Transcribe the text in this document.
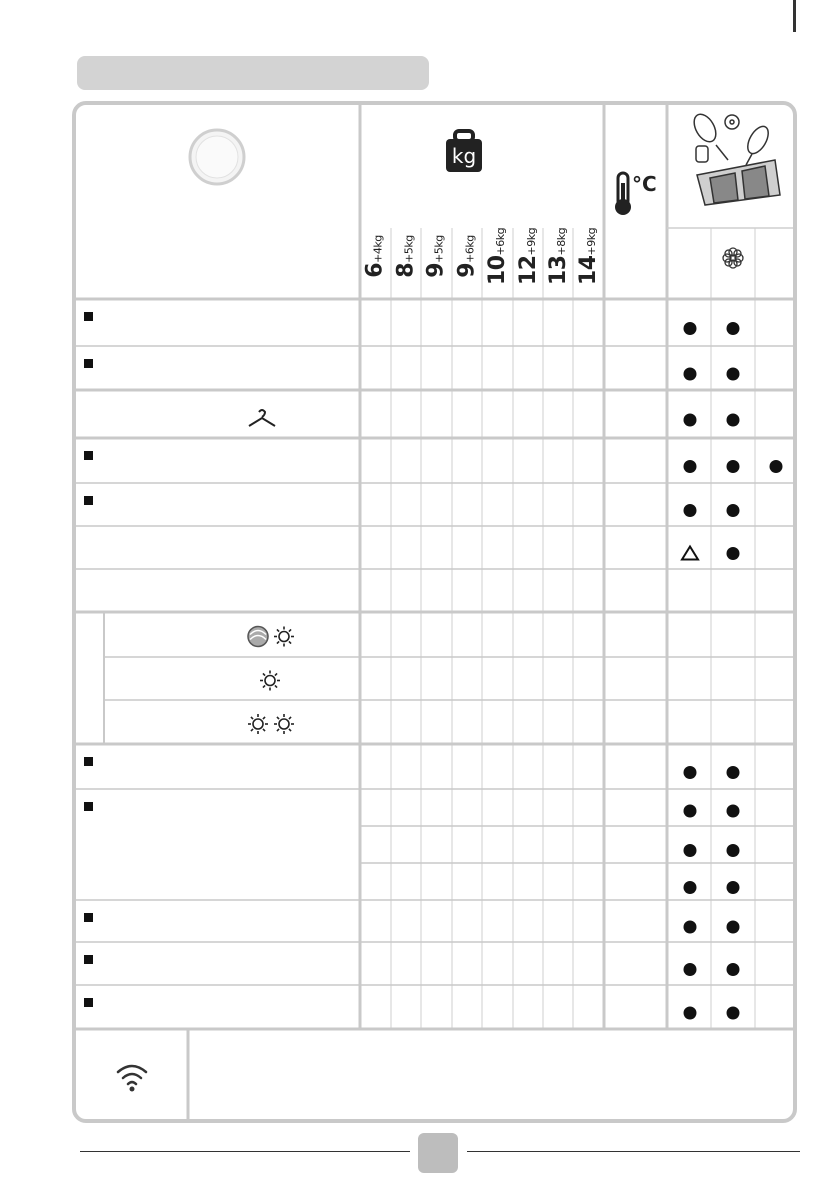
kg
°C
6+4kg
8+5kg
9+5kg
9+6kg
10+6kg
12+9kg
13+8kg
14+9kg
